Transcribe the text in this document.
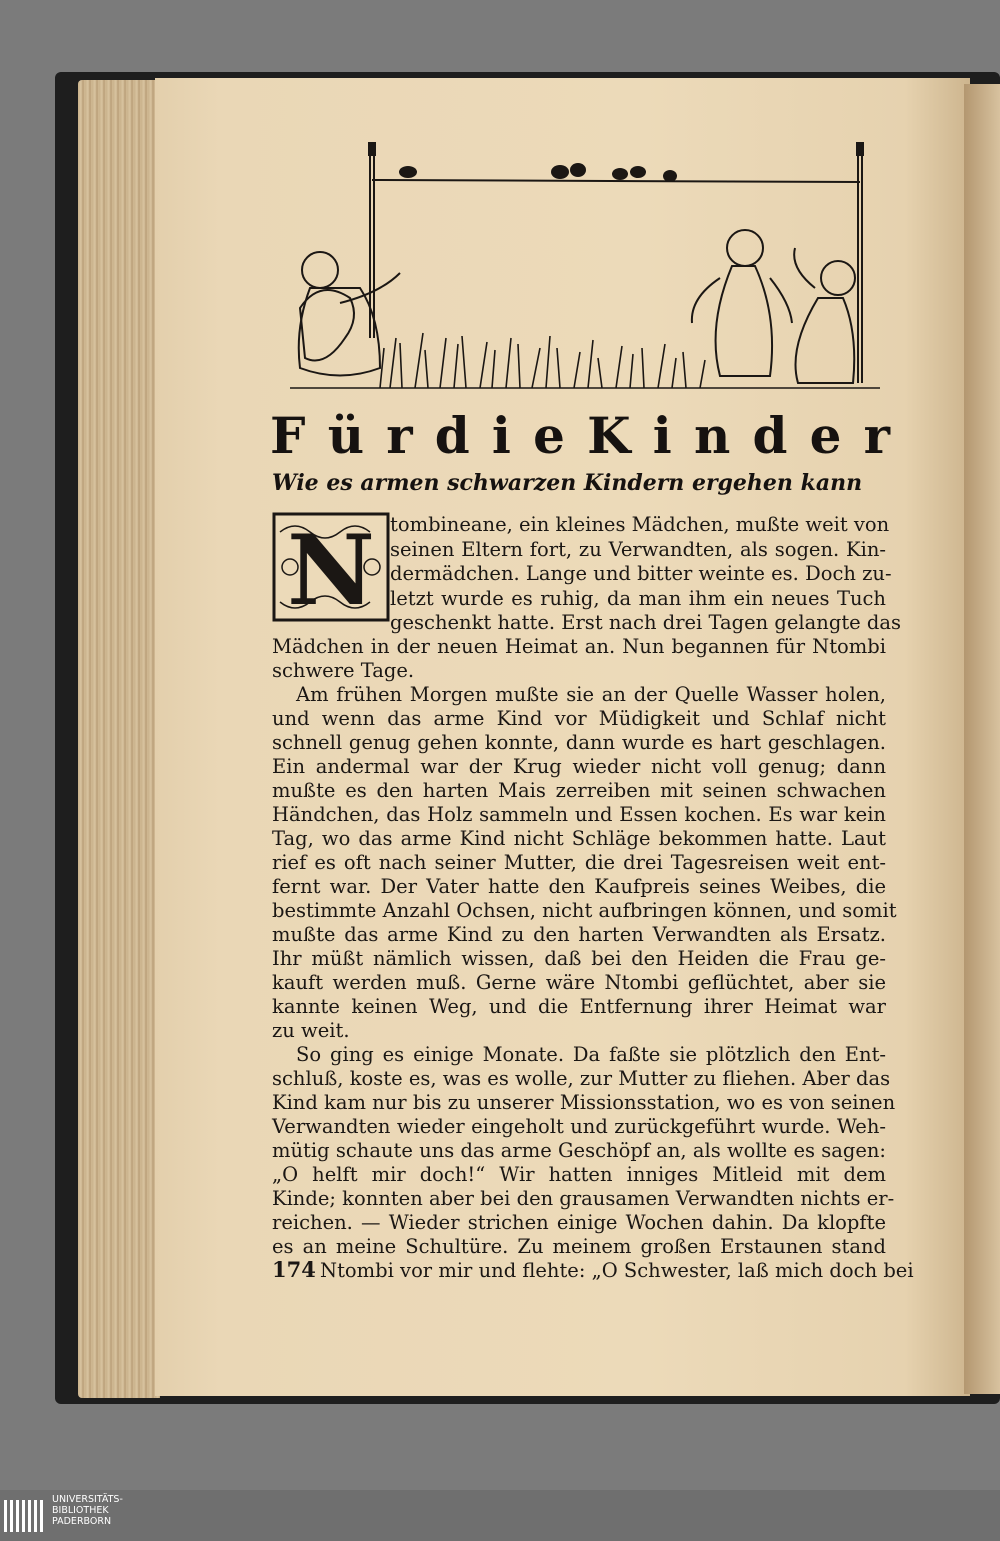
F ü r d i e K i n d e r
Wie es armen schwarzen Kindern ergehen kann
N tombineane, ein kleines Mädchen, mußte weit von
seinen Eltern fort, zu Verwandten, als sogen. Kin-
dermädchen. Lange und bitter weinte es. Doch zu-
letzt wurde es ruhig, da man ihm ein neues Tuch
geschenkt hatte. Erst nach drei Tagen gelangte das
Mädchen in der neuen Heimat an. Nun begannen für Ntombi
schwere Tage.
Am frühen Morgen mußte sie an der Quelle Wasser holen,
und wenn das arme Kind vor Müdigkeit und Schlaf nicht
schnell genug gehen konnte, dann wurde es hart geschlagen.
Ein andermal war der Krug wieder nicht voll genug; dann
mußte es den harten Mais zerreiben mit seinen schwachen
Händchen, das Holz sammeln und Essen kochen. Es war kein
Tag, wo das arme Kind nicht Schläge bekommen hatte. Laut
rief es oft nach seiner Mutter, die drei Tagesreisen weit ent-
fernt war. Der Vater hatte den Kaufpreis seines Weibes, die
bestimmte Anzahl Ochsen, nicht aufbringen können, und somit
mußte das arme Kind zu den harten Verwandten als Ersatz.
Ihr müßt nämlich wissen, daß bei den Heiden die Frau ge-
kauft werden muß. Gerne wäre Ntombi geflüchtet, aber sie
kannte keinen Weg, und die Entfernung ihrer Heimat war
zu weit.
So ging es einige Monate. Da faßte sie plötzlich den Ent-
schluß, koste es, was es wolle, zur Mutter zu fliehen. Aber das
Kind kam nur bis zu unserer Missionsstation, wo es von seinen
Verwandten wieder eingeholt und zurückgeführt wurde. Weh-
mütig schaute uns das arme Geschöpf an, als wollte es sagen:
„O helft mir doch!“ Wir hatten inniges Mitleid mit dem
Kinde; konnten aber bei den grausamen Verwandten nichts er-
reichen. — Wieder strichen einige Wochen dahin. Da klopfte
es an meine Schultüre. Zu meinem großen Erstaunen stand
Ntombi vor mir und flehte: „O Schwester, laß mich doch bei
174
UNIVERSITÄTS-
BIBLIOTHEK
PADERBORN
